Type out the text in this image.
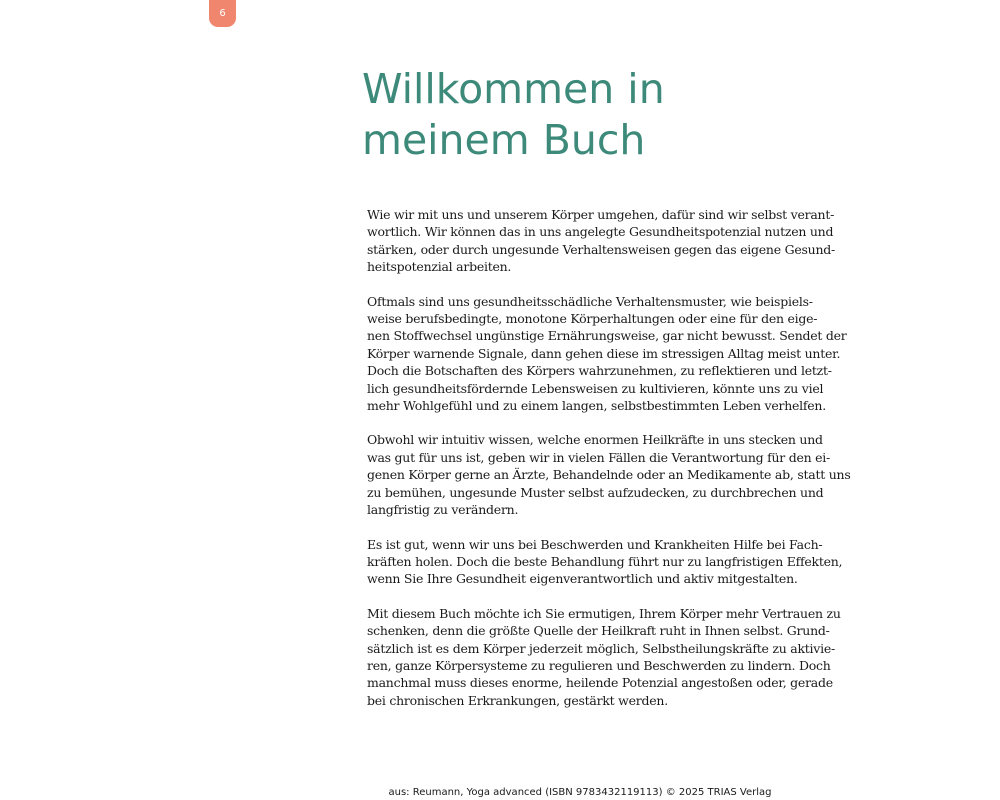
6
Willkommen in
meinem Buch

Wie wir mit uns und unserem Körper umgehen, dafür sind wir selbst verant-
wortlich. Wir können das in uns angelegte Gesundheitspotenzial nutzen und
stärken, oder durch ungesunde Verhaltensweisen gegen das eigene Gesund-
heitspotenzial arbeiten.

Oftmals sind uns gesundheitsschädliche Verhaltensmuster, wie beispiels-
weise berufsbedingte, monotone Körperhaltungen oder eine für den eige-
nen Stoffwechsel ungünstige Ernährungsweise, gar nicht bewusst. Sendet der
Körper warnende Signale, dann gehen diese im stressigen Alltag meist unter.
Doch die Botschaften des Körpers wahrzunehmen, zu reflektieren und letzt-
lich gesundheitsfördernde Lebensweisen zu kultivieren, könnte uns zu viel
mehr Wohlgefühl und zu einem langen, selbstbestimmten Leben verhelfen.

Obwohl wir intuitiv wissen, welche enormen Heilkräfte in uns stecken und
was gut für uns ist, geben wir in vielen Fällen die Verantwortung für den ei-
genen Körper gerne an Ärzte, Behandelnde oder an Medikamente ab, statt uns
zu bemühen, ungesunde Muster selbst aufzudecken, zu durchbrechen und
langfristig zu verändern.

Es ist gut, wenn wir uns bei Beschwerden und Krankheiten Hilfe bei Fach-
kräften holen. Doch die beste Behandlung führt nur zu langfristigen Effekten,
wenn Sie Ihre Gesundheit eigenverantwortlich und aktiv mitgestalten.

Mit diesem Buch möchte ich Sie ermutigen, Ihrem Körper mehr Vertrauen zu
schenken, denn die größte Quelle der Heilkraft ruht in Ihnen selbst. Grund-
sätzlich ist es dem Körper jederzeit möglich, Selbstheilungskräfte zu aktivie-
ren, ganze Körpersysteme zu regulieren und Beschwerden zu lindern. Doch
manchmal muss dieses enorme, heilende Potenzial angestoßen oder, gerade
bei chronischen Erkrankungen, gestärkt werden.

aus: Reumann, Yoga advanced (ISBN 9783432119113) © 2025 TRIAS Verlag
